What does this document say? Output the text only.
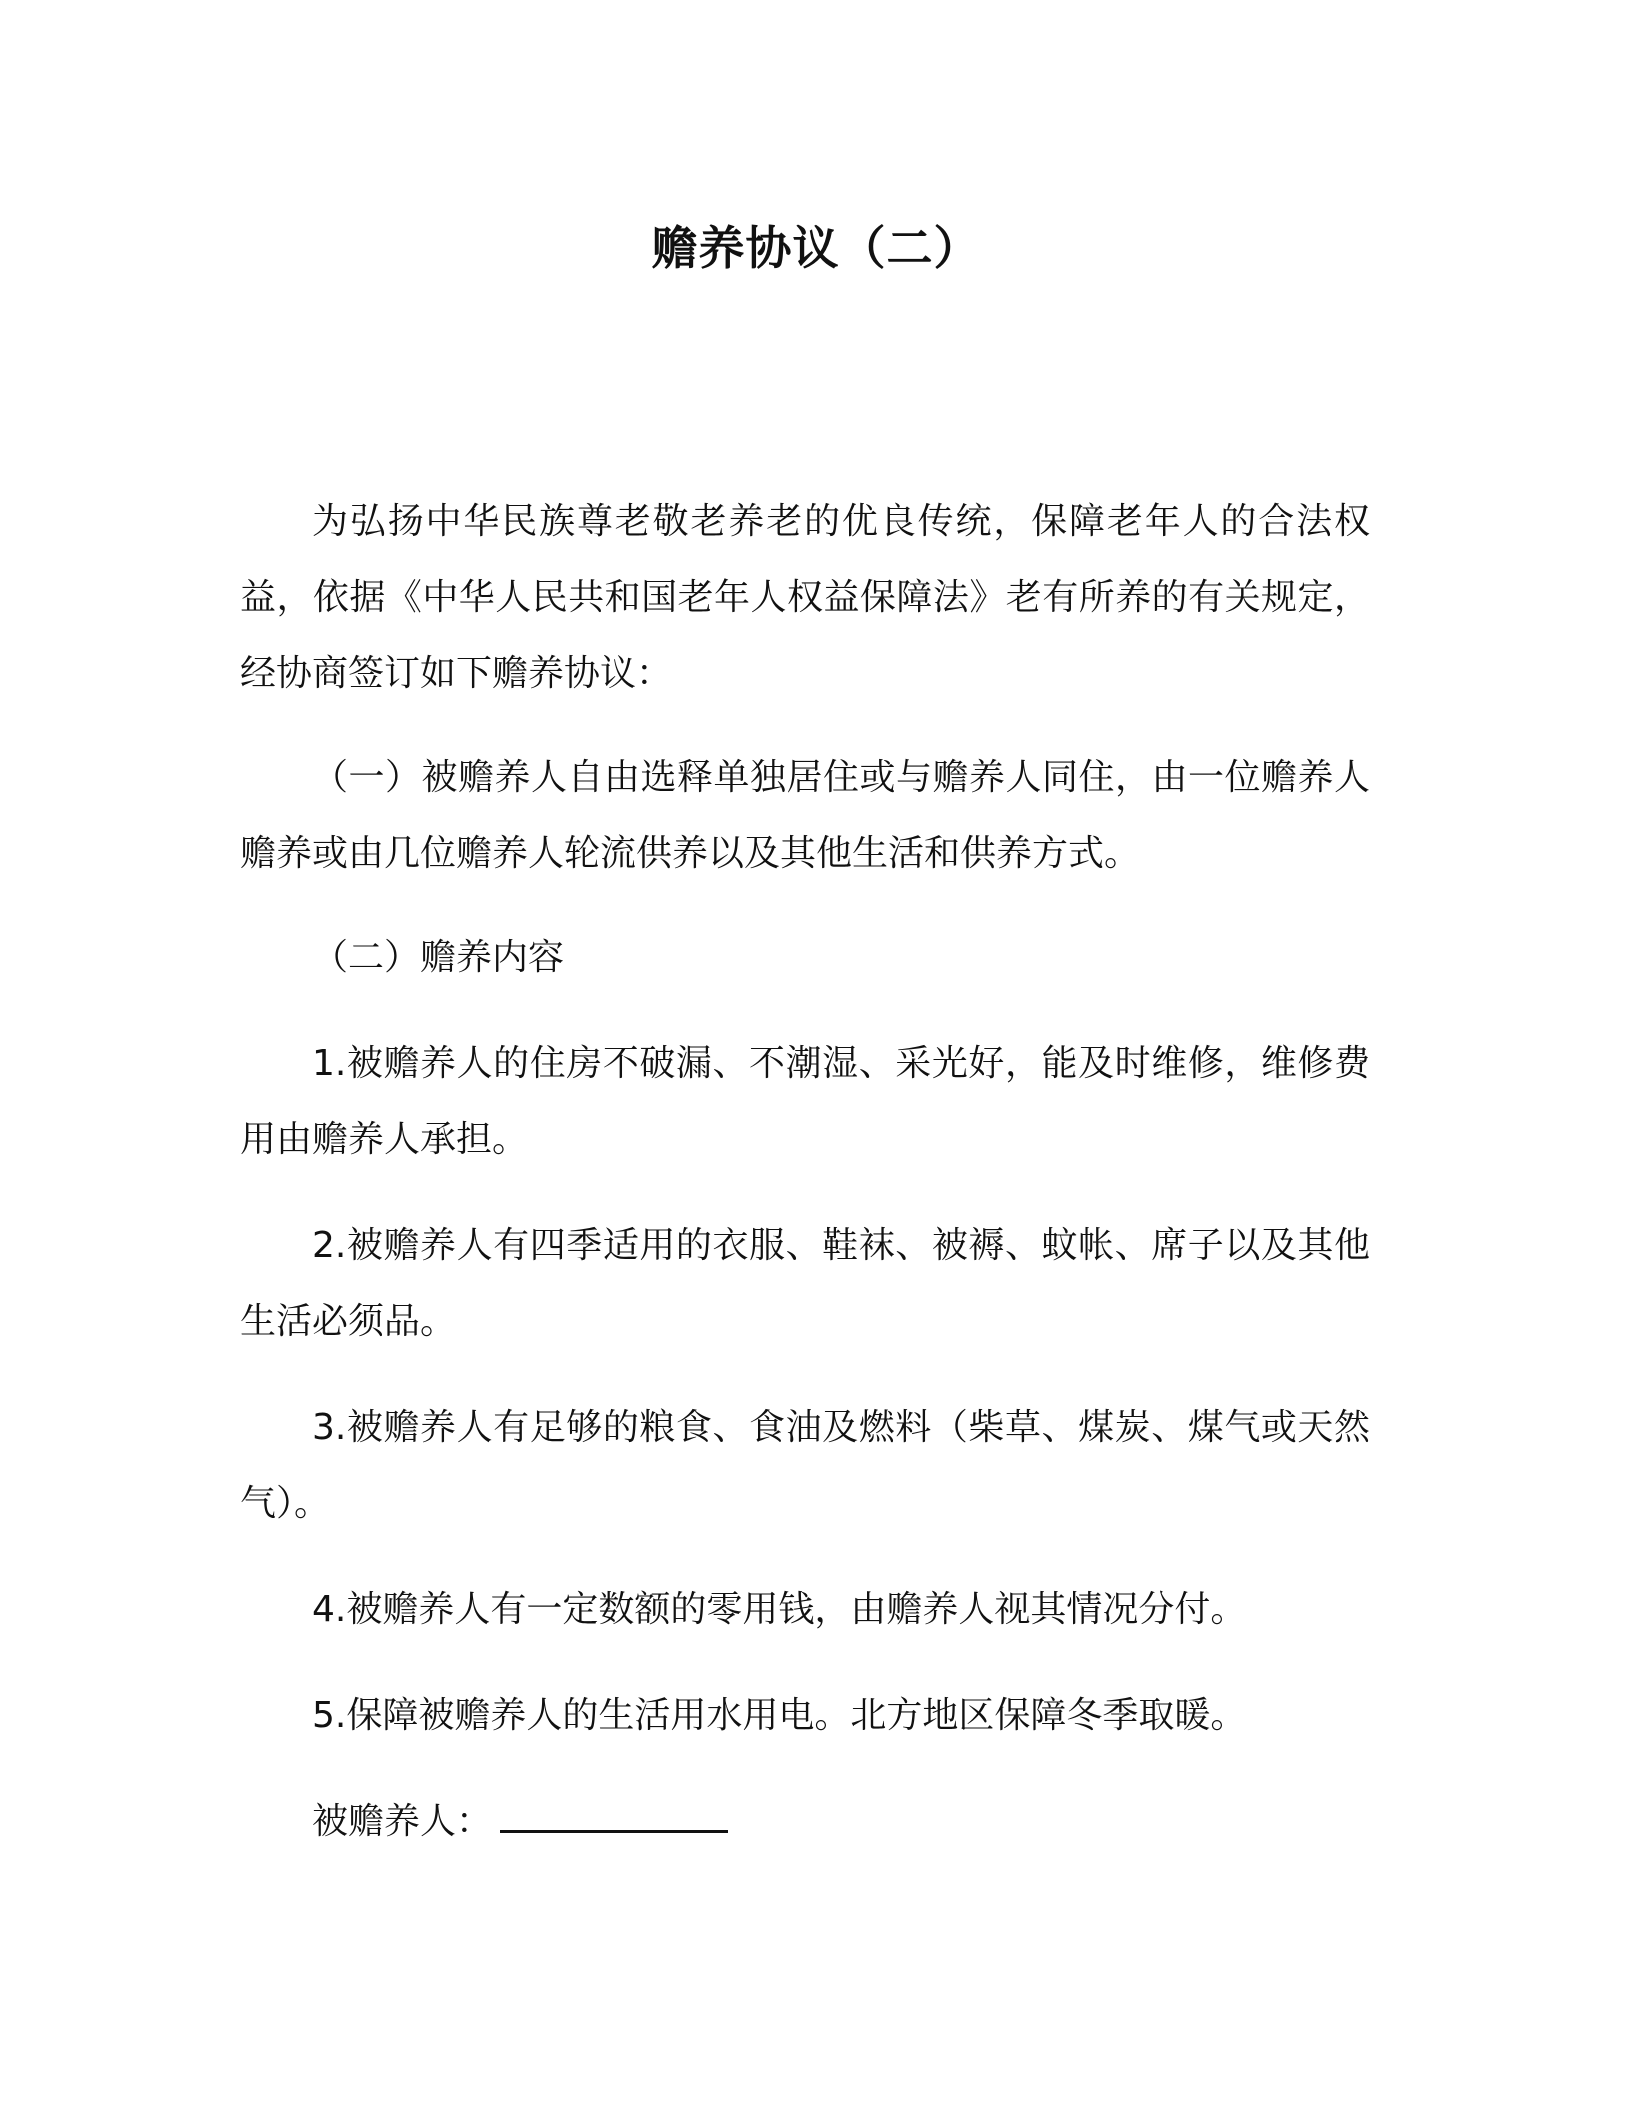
赡养协议（二）

为弘扬中华民族尊老敬老养老的优良传统，保障老年人的合法权益，依据《中华人民共和国老年人权益保障法》老有所养的有关规定，经协商签订如下赡养协议：

（一）被赡养人自由选释单独居住或与赡养人同住，由一位赡养人赡养或由几位赡养人轮流供养以及其他生活和供养方式。

（二）赡养内容

1.被赡养人的住房不破漏、不潮湿、采光好，能及时维修，维修费用由赡养人承担。

2.被赡养人有四季适用的衣服、鞋袜、被褥、蚊帐、席子以及其他生活必须品。

3.被赡养人有足够的粮食、食油及燃料（柴草、煤炭、煤气或天然气）。

4.被赡养人有一定数额的零用钱，由赡养人视其情况分付。

5.保障被赡养人的生活用水用电。北方地区保障冬季取暖。

被赡养人：
